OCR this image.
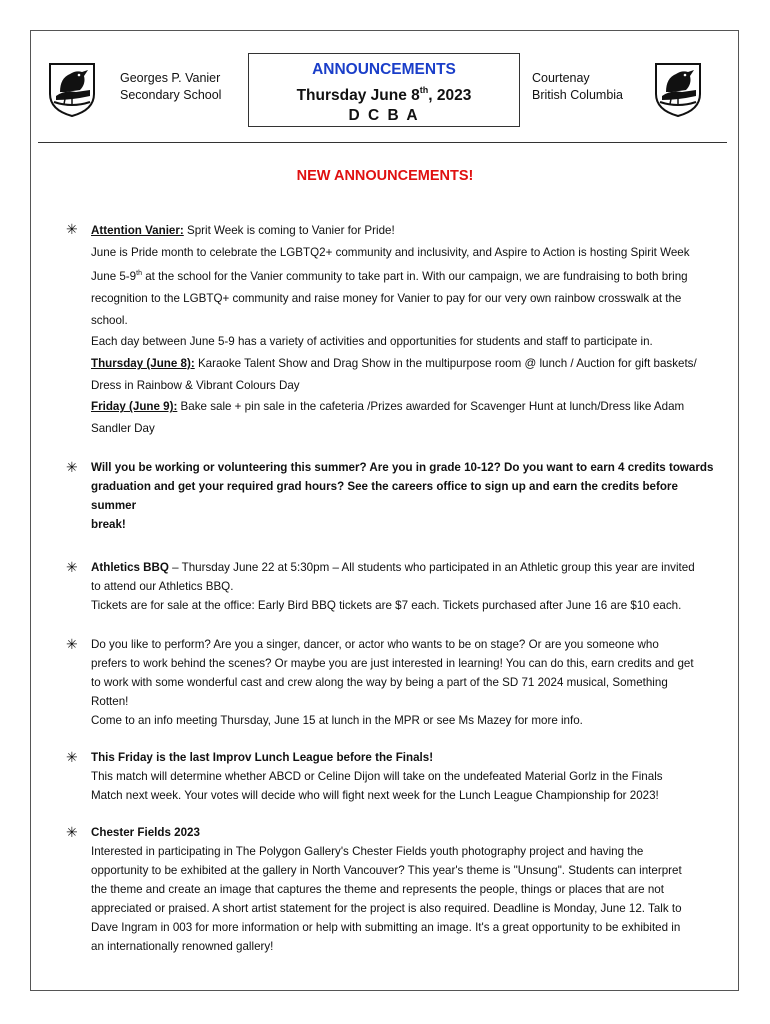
Georges P. Vanier
Secondary School
ANNOUNCEMENTS
Thursday June 8th, 2023
D C B A
Courtenay
British Columbia
NEW ANNOUNCEMENTS!
✳ Attention Vanier: Sprit Week is coming to Vanier for Pride!
June is Pride month to celebrate the LGBTQ2+ community and inclusivity, and Aspire to Action is hosting Spirit Week
June 5-9th at the school for the Vanier community to take part in. With our campaign, we are fundraising to both bring
recognition to the LGBTQ+ community and raise money for Vanier to pay for our very own rainbow crosswalk at the
school.
Each day between June 5-9 has a variety of activities and opportunities for students and staff to participate in.
Thursday (June 8): Karaoke Talent Show and Drag Show in the multipurpose room @ lunch / Auction for gift baskets/
Dress in Rainbow & Vibrant Colours Day
Friday (June 9): Bake sale + pin sale in the cafeteria /Prizes awarded for Scavenger Hunt at lunch/Dress like Adam
Sandler Day
✳ Will you be working or volunteering this summer? Are you in grade 10-12? Do you want to earn 4 credits towards
graduation and get your required grad hours? See the careers office to sign up and earn the credits before summer
break!
✳ Athletics BBQ – Thursday June 22 at 5:30pm – All students who participated in an Athletic group this year are invited
to attend our Athletics BBQ.
Tickets are for sale at the office: Early Bird BBQ tickets are $7 each. Tickets purchased after June 16 are $10 each.
✳ Do you like to perform? Are you a singer, dancer, or actor who wants to be on stage? Or are you someone who
prefers to work behind the scenes? Or maybe you are just interested in learning! You can do this, earn credits and get
to work with some wonderful cast and crew along the way by being a part of the SD 71 2024 musical, Something
Rotten!
Come to an info meeting Thursday, June 15 at lunch in the MPR or see Ms Mazey for more info.
✳ This Friday is the last Improv Lunch League before the Finals!
This match will determine whether ABCD or Celine Dijon will take on the undefeated Material Gorlz in the Finals
Match next week. Your votes will decide who will fight next week for the Lunch League Championship for 2023!
✳ Chester Fields 2023
Interested in participating in The Polygon Gallery's Chester Fields youth photography project and having the
opportunity to be exhibited at the gallery in North Vancouver? This year's theme is "Unsung". Students can interpret
the theme and create an image that captures the theme and represents the people, things or places that are not
appreciated or praised. A short artist statement for the project is also required. Deadline is Monday, June 12. Talk to
Dave Ingram in 003 for more information or help with submitting an image. It's a great opportunity to be exhibited in
an internationally renowned gallery!
